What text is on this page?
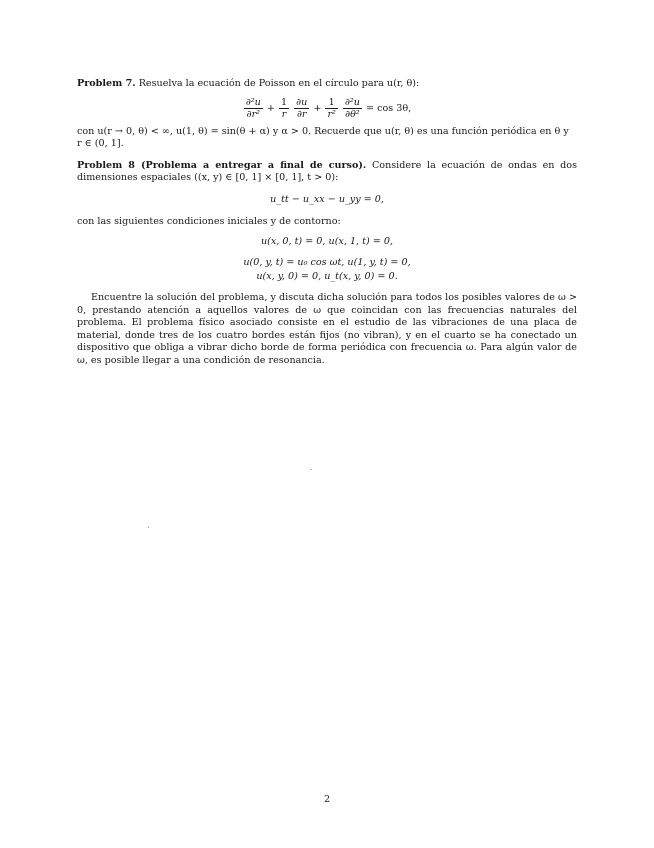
Problem 7. Resuelva la ecuación de Poisson en el círculo para u(r, θ):

$\frac{\text{∂²u}}{\text{∂r²}} + \frac{1}{r}$
$\frac{\partial u}{\partial r} + \frac{1}{\text{r²}}$
$\frac{\text{∂²u}}{\text{∂θ²}} = \cos 3\theta$,

con u(r → 0, θ) < ∞, u(1, θ) = sin(θ + α) y α > 0. Recuerde que u(r, θ) es una función periódica en θ y
r ∈ (0, 1].

Problem 8 (Problema a entregar a final de curso). Considere la ecuación de ondas en dos dimensiones espaciales ((x, y) ∈ [0, 1] × [0, 1], t > 0):

u_tt − u_xx − u_yy = 0,

con las siguientes condiciones iniciales y de contorno:

u(x, 0, t) = 0, u(x, 1, t) = 0,
u(0, y, t) = u₀ cos ωt, u(1, y, t) = 0,
u(x, y, 0) = 0, u_t(x, y, 0) = 0.

Encuentre la solución del problema, y discuta dicha solución para todos los posibles valores de ω > 0, prestando atención a aquellos valores de ω que coincidan con las frecuencias naturales del problema. El problema físico asociado consiste en el estudio de las vibraciones de una placa de material, donde tres de los cuatro bordes están fijos (no vibran), y en el cuarto se ha conectado un dispositivo que obliga a vibrar dicho borde de forma periódica con frecuencia ω. Para algún valor de ω, es posible llegar a una condición de resonancia.

2
